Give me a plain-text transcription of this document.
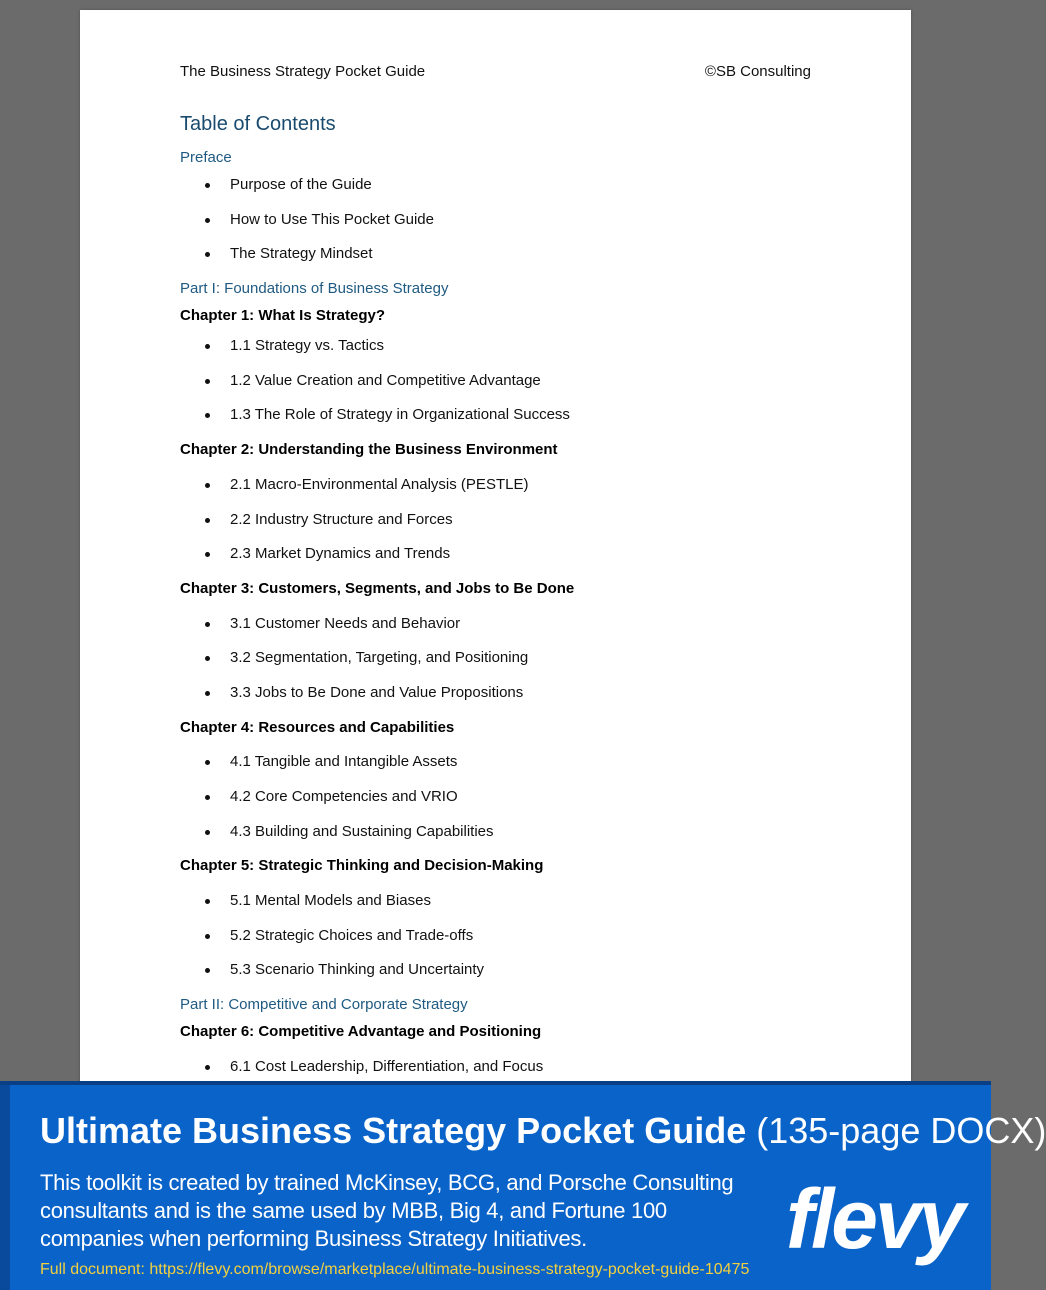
The Business Strategy Pocket Guide	©SB Consulting
Table of Contents
Preface
Purpose of the Guide
How to Use This Pocket Guide
The Strategy Mindset
Part I: Foundations of Business Strategy
Chapter 1: What Is Strategy?
1.1 Strategy vs. Tactics
1.2 Value Creation and Competitive Advantage
1.3 The Role of Strategy in Organizational Success
Chapter 2: Understanding the Business Environment
2.1 Macro-Environmental Analysis (PESTLE)
2.2 Industry Structure and Forces
2.3 Market Dynamics and Trends
Chapter 3: Customers, Segments, and Jobs to Be Done
3.1 Customer Needs and Behavior
3.2 Segmentation, Targeting, and Positioning
3.3 Jobs to Be Done and Value Propositions
Chapter 4: Resources and Capabilities
4.1 Tangible and Intangible Assets
4.2 Core Competencies and VRIO
4.3 Building and Sustaining Capabilities
Chapter 5: Strategic Thinking and Decision-Making
5.1 Mental Models and Biases
5.2 Strategic Choices and Trade-offs
5.3 Scenario Thinking and Uncertainty
Part II: Competitive and Corporate Strategy
Chapter 6: Competitive Advantage and Positioning
6.1 Cost Leadership, Differentiation, and Focus
Ultimate Business Strategy Pocket Guide (135-page DOCX)
This toolkit is created by trained McKinsey, BCG, and Porsche Consulting consultants and is the same used by MBB, Big 4, and Fortune 100 companies when performing Business Strategy Initiatives.
Full document: https://flevy.com/browse/marketplace/ultimate-business-strategy-pocket-guide-10475
flevy
